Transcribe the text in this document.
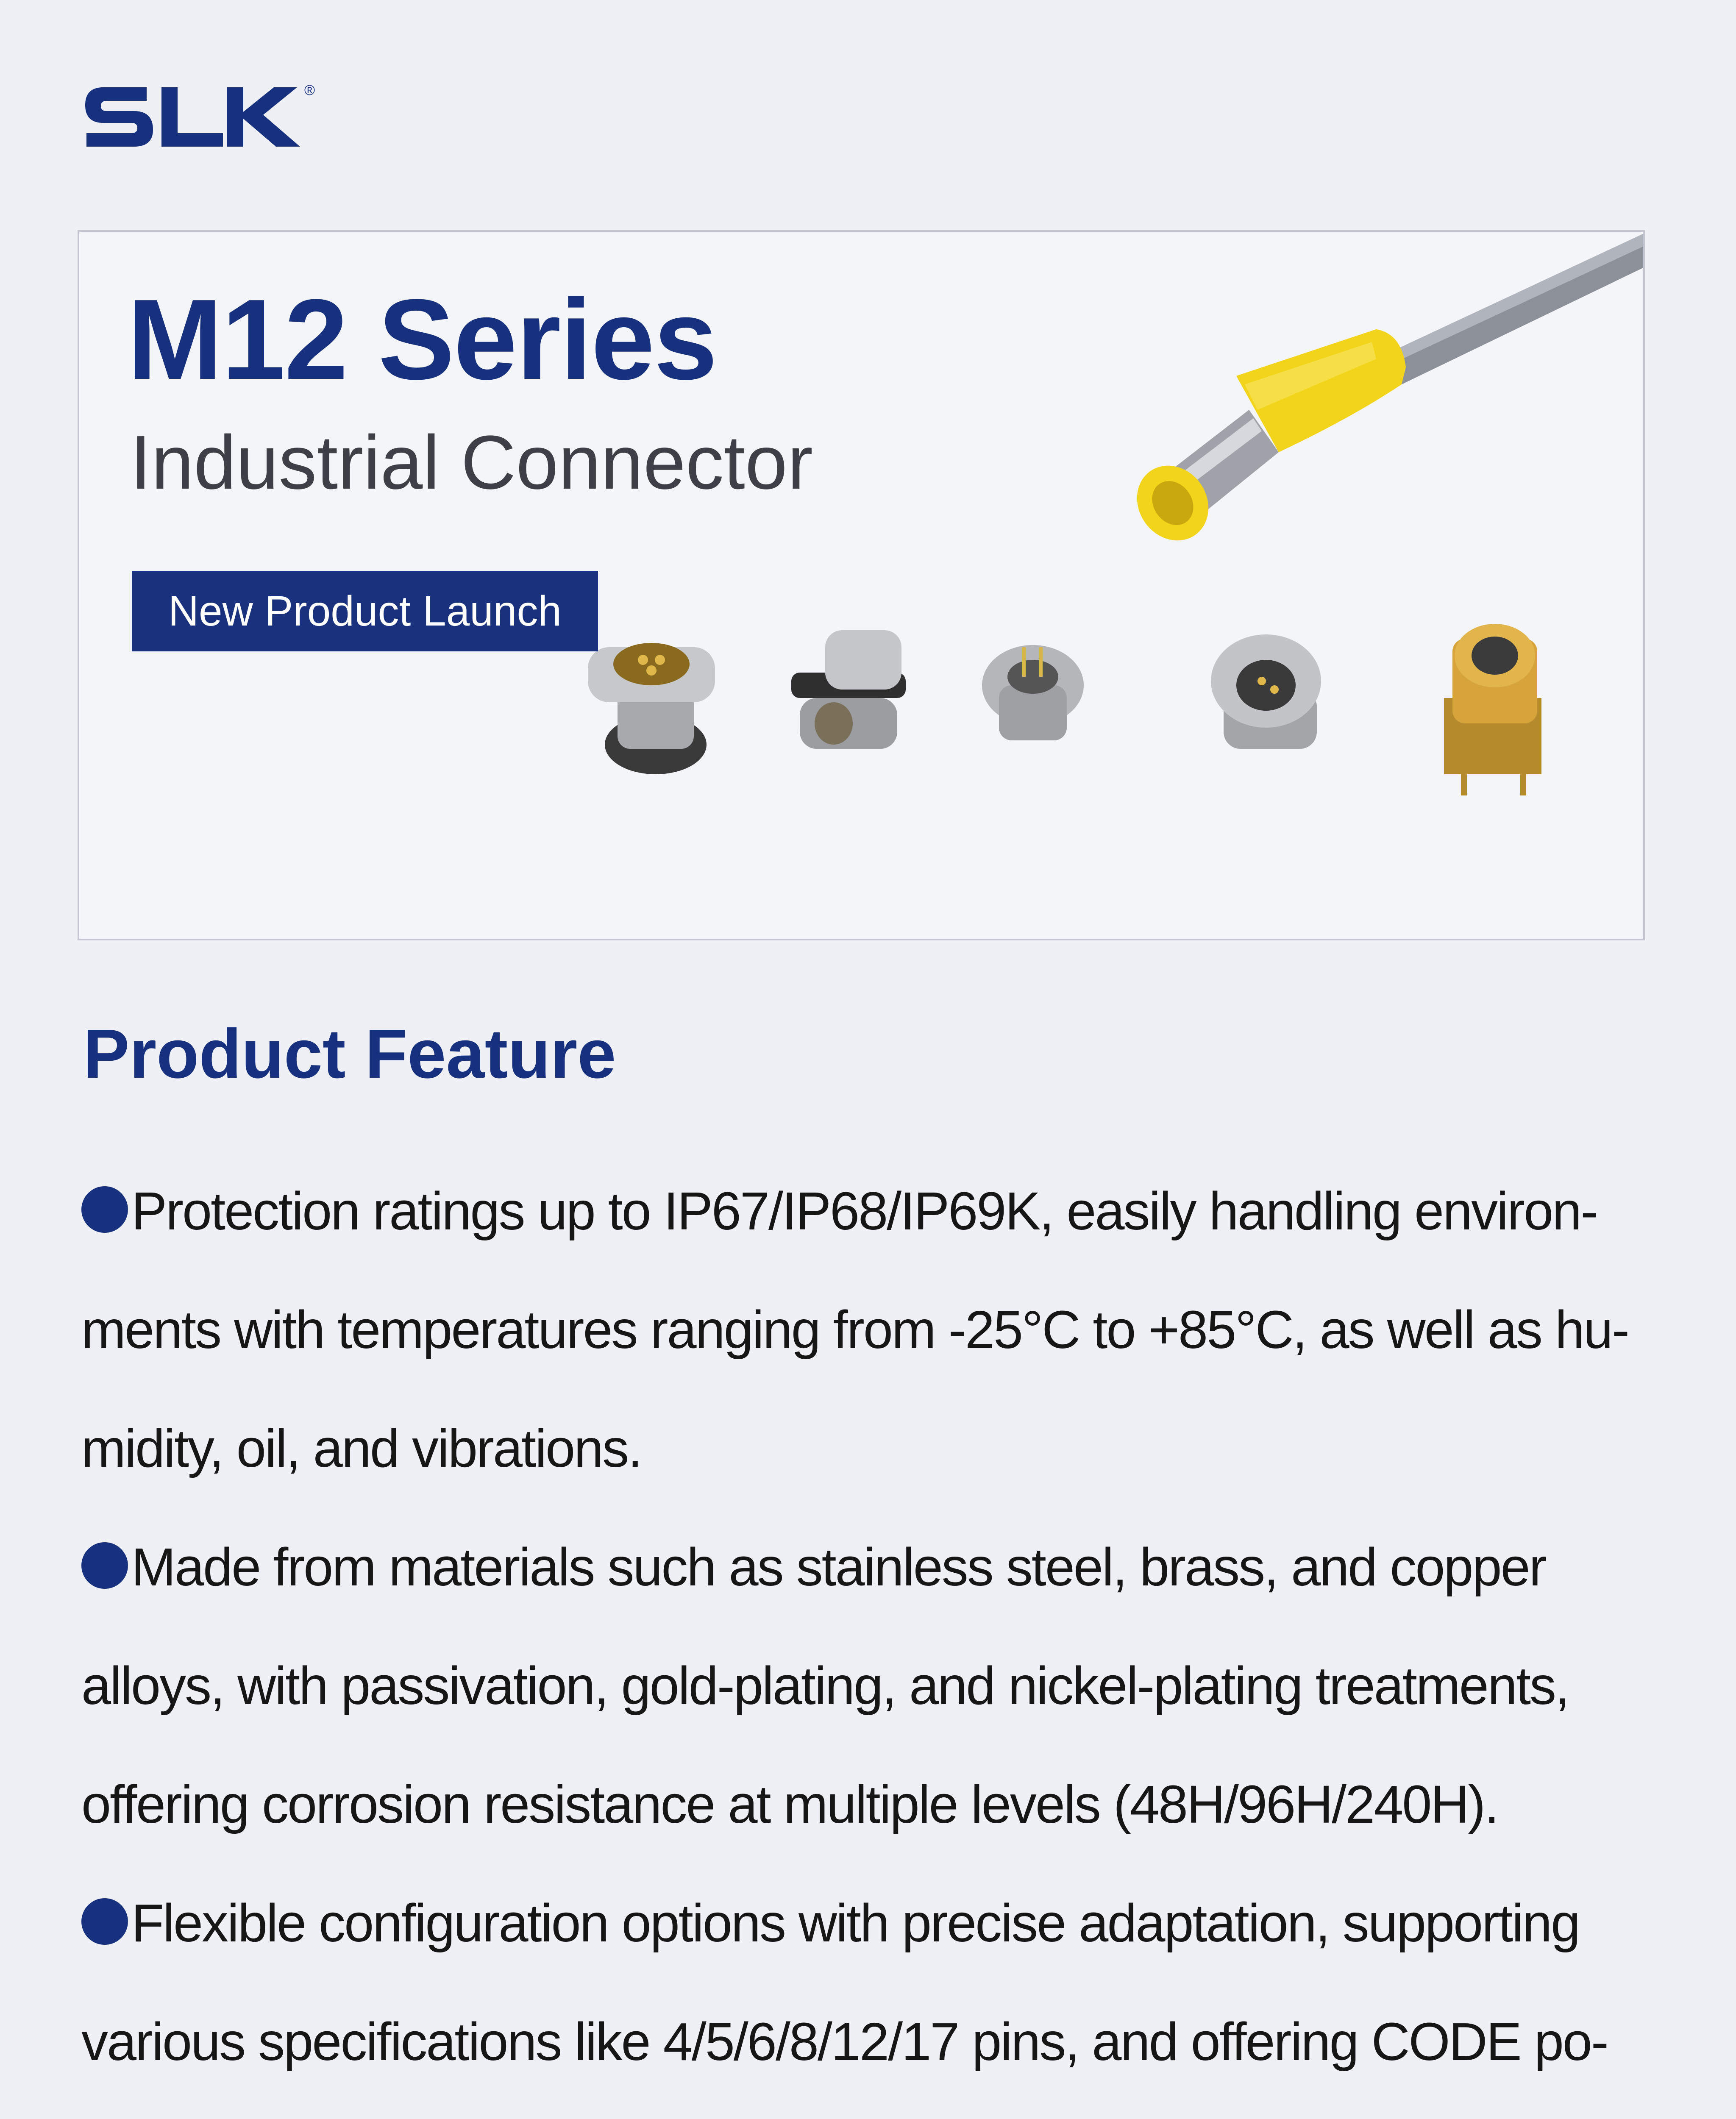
®
M12 Series
Industrial Connector
New Product Launch
Product Feature
Protection ratings up to IP67/IP68/IP69K, easily handling environ-
ments with temperatures ranging from -25°C to +85°C, as well as hu-
midity, oil, and vibrations.
Made from materials such as stainless steel, brass, and copper
alloys, with passivation, gold-plating, and nickel-plating treatments,
offering corrosion resistance at multiple levels (48H/96H/240H).
Flexible configuration options with precise adaptation, supporting
various specifications like 4/5/6/8/12/17 pins, and offering CODE po-
